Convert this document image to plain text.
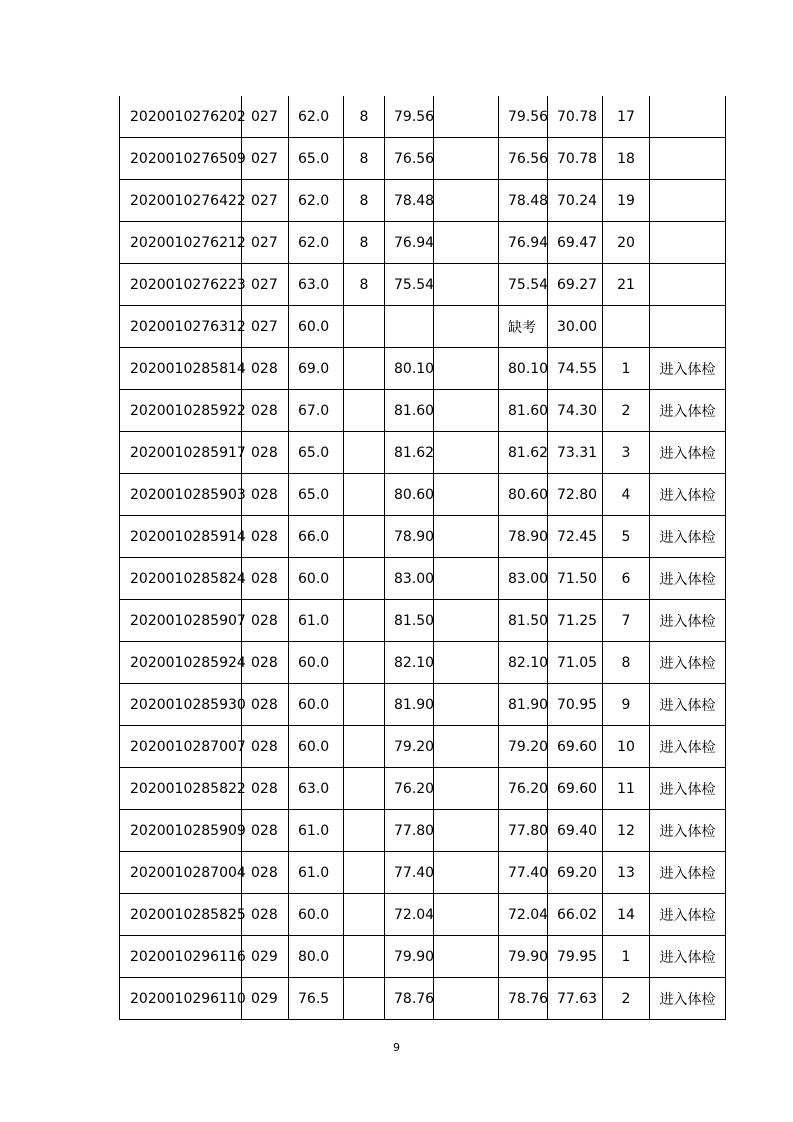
2020010276202	027	62.0	8	79.56		79.56	70.78	17	
2020010276509	027	65.0	8	76.56		76.56	70.78	18	
2020010276422	027	62.0	8	78.48		78.48	70.24	19	
2020010276212	027	62.0	8	76.94		76.94	69.47	20	
2020010276223	027	63.0	8	75.54		75.54	69.27	21	
2020010276312	027	60.0				缺考	30.00		
2020010285814	028	69.0		80.10		80.10	74.55	1	进入体检
2020010285922	028	67.0		81.60		81.60	74.30	2	进入体检
2020010285917	028	65.0		81.62		81.62	73.31	3	进入体检
2020010285903	028	65.0		80.60		80.60	72.80	4	进入体检
2020010285914	028	66.0		78.90		78.90	72.45	5	进入体检
2020010285824	028	60.0		83.00		83.00	71.50	6	进入体检
2020010285907	028	61.0		81.50		81.50	71.25	7	进入体检
2020010285924	028	60.0		82.10		82.10	71.05	8	进入体检
2020010285930	028	60.0		81.90		81.90	70.95	9	进入体检
2020010287007	028	60.0		79.20		79.20	69.60	10	进入体检
2020010285822	028	63.0		76.20		76.20	69.60	11	进入体检
2020010285909	028	61.0		77.80		77.80	69.40	12	进入体检
2020010287004	028	61.0		77.40		77.40	69.20	13	进入体检
2020010285825	028	60.0		72.04		72.04	66.02	14	进入体检
2020010296116	029	80.0		79.90		79.90	79.95	1	进入体检
2020010296110	029	76.5		78.76		78.76	77.63	2	进入体检
9
